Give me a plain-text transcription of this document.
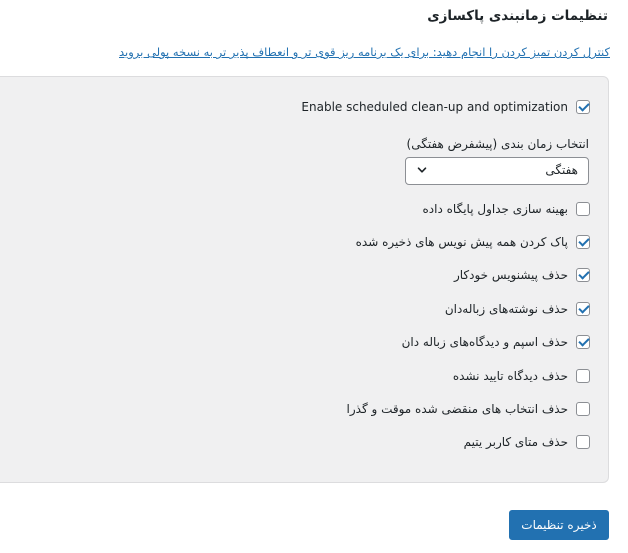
تنظیمات زمانبندی پاکسازی
کنترل کردن تمیز کردن را انجام دهید: برای یک برنامه ریز قوی تر و انعطاف پذیر تر به نسخه پولی بروید
Enable scheduled clean-up and optimization
انتخاب زمان بندی (پیشفرض هفتگی)
هفتگی
بهینه سازی جداول پایگاه داده
پاک کردن همه پیش نویس های ذخیره شده
حذف پیشنویس خودکار
حذف نوشته‌های زباله‌دان
حذف اسپم و دیدگاه‌های زباله دان
حذف دیدگاه تایید نشده
حذف انتخاب های منقضی شده موقت و گذرا
حذف متای کاربر یتیم
ذخیره تنظیمات
